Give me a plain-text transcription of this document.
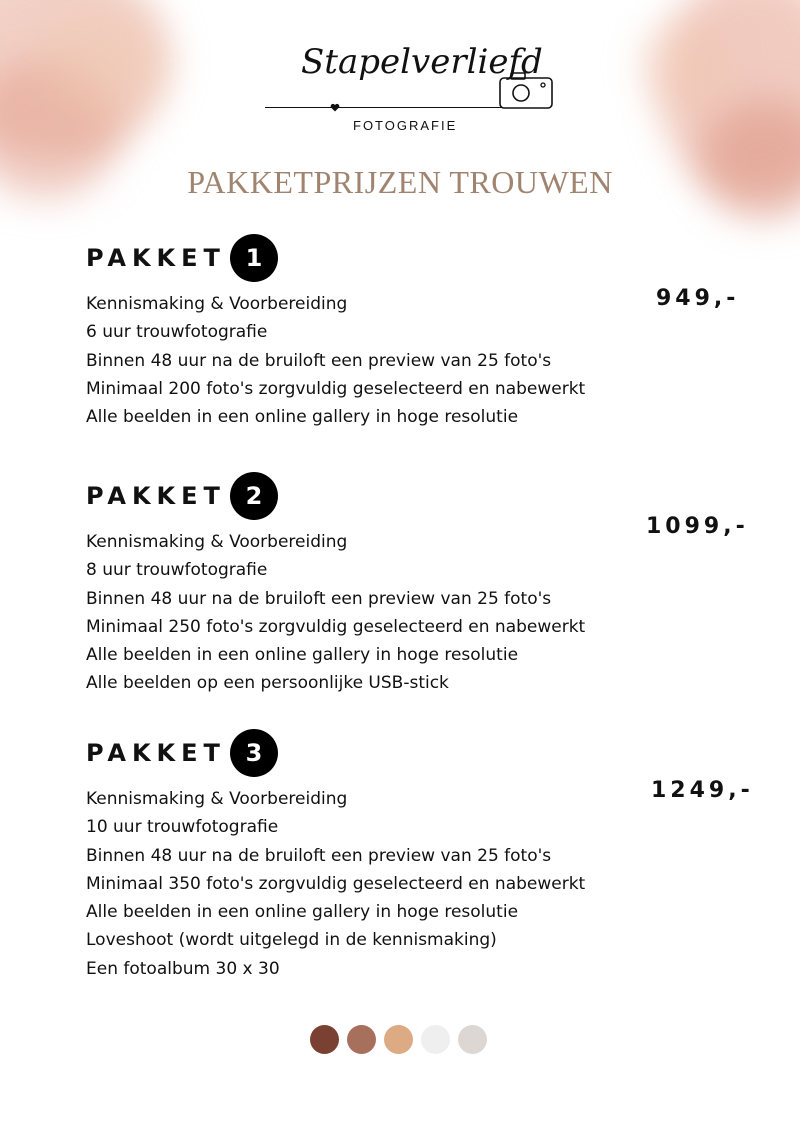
Stapelverliefd
FOTOGRAFIE
PAKKETPRIJZEN TROUWEN
PAKKET 1
Kennismaking & Voorbereiding
6 uur trouwfotografie
Binnen 48 uur na de bruiloft een preview van 25 foto's
Minimaal 200 foto's zorgvuldig geselecteerd en nabewerkt
Alle beelden in een online gallery in hoge resolutie
949,-
PAKKET 2
Kennismaking & Voorbereiding
8 uur trouwfotografie
Binnen 48 uur na de bruiloft een preview van 25 foto's
Minimaal 250 foto's zorgvuldig geselecteerd en nabewerkt
Alle beelden in een online gallery in hoge resolutie
Alle beelden op een persoonlijke USB-stick
1099,-
PAKKET 3
Kennismaking & Voorbereiding
10 uur trouwfotografie
Binnen 48 uur na de bruiloft een preview van 25 foto's
Minimaal 350 foto's zorgvuldig geselecteerd en nabewerkt
Alle beelden in een online gallery in hoge resolutie
Loveshoot (wordt uitgelegd in de kennismaking)
Een fotoalbum 30 x 30
1249,-
